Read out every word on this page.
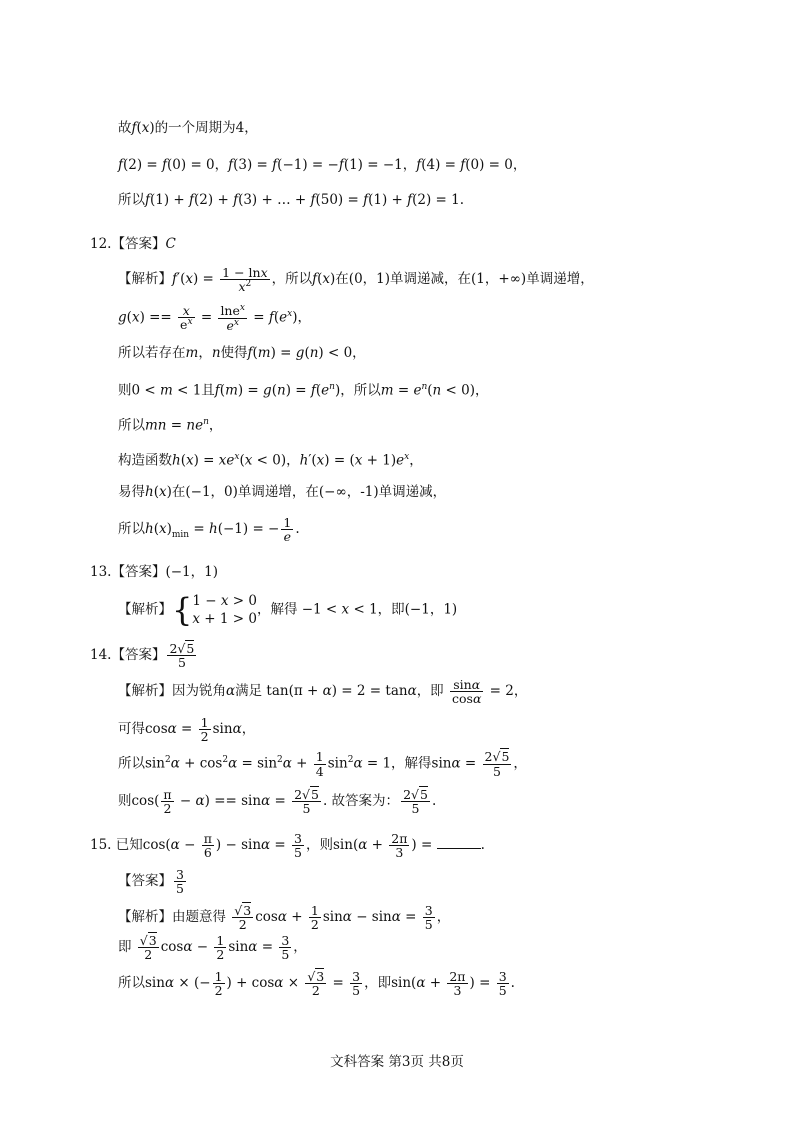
故f(x)的一个周期为4，
f(2) = f(0) = 0，f(3) = f(−1) = −f(1) = −1，f(4) = f(0) = 0，
所以f(1) + f(2) + f(3) + … + f(50) = f(1) + f(2) = 1.
12.【答案】C
【解析】$f'(x) = \frac{1 - \ln x}{x^2}$ ，所以f(x)在(0，1)单调递减，在(1，+∞)单调递增，
$g(x) == \frac{x}{e^x} = \frac{\ln e^x}{e^x} = f(e^x)$，
所以若存在m，n使得f(m) = g(n) < 0，
则0 < m < 1且$f(m) = g(n) = f(e^n)$，所以$m = e^n(n < 0)$，
所以mn = $ne^n$，
构造函数$h(x) = xe^x(x < 0)$，$h'(x) = (x + 1)e^x$，
易得h(x)在(−1，0)单调递增，在(−∞，-1)单调递减，
所以$h(x)_{min} = h(-1)$ = − $\frac{1}{e}$ .
13.【答案】(−1，1)
【解析】{1 − x > 0
x + 1 > 0，解得 −1 < x < 1，即(−1，1)
14.【答案】 $\frac{2√5}{5}$
【解析】因为锐角α满足 tan(π + α) = 2 = tanα，即 $\frac{\sin\alpha}{\cos\alpha} = 2$，
可得$\cos\alpha = \frac{1}{2}$ sinα，
所以$\sin^2\alpha + \cos^2\alpha = \sin^2\alpha + \frac{1}{4} \sin^2\alpha = 1$，解得$\sin\alpha = \frac{2√5}{5}$ ，
则$\cos( \frac{\pi}{2} - \alpha) == \sin\alpha = \frac{2√5}{5}$ . 故答案为： $\frac{2√5}{5}$ .
15. 已知$\cos(\alpha - \frac{\pi}{6}$ ) − $\sin\alpha = \frac{3}{5}$ ，则$\sin(\alpha + \frac{2\pi}{3}$ ) =	.
【答案】 $\frac{3}{5}$
【解析】由题意得 $\frac{√3}{2}$ $\cos\alpha + \frac{1}{2}$ $\sin\alpha - \sin\alpha = \frac{3}{5}$ ，
即 $\frac{√3}{2}$ $\cos\alpha - \frac{1}{2}$ $\sin\alpha = \frac{3}{5}$ ，
所以sinα × (− $\frac{1}{2}$ ) + $\cos\alpha \times \frac{√3}{2} = \frac{3}{5}$ ，即$\sin(\alpha + \frac{2\pi}{3}$ ) = $\frac{3}{5}$ .
文科答案 第3页 共8页
